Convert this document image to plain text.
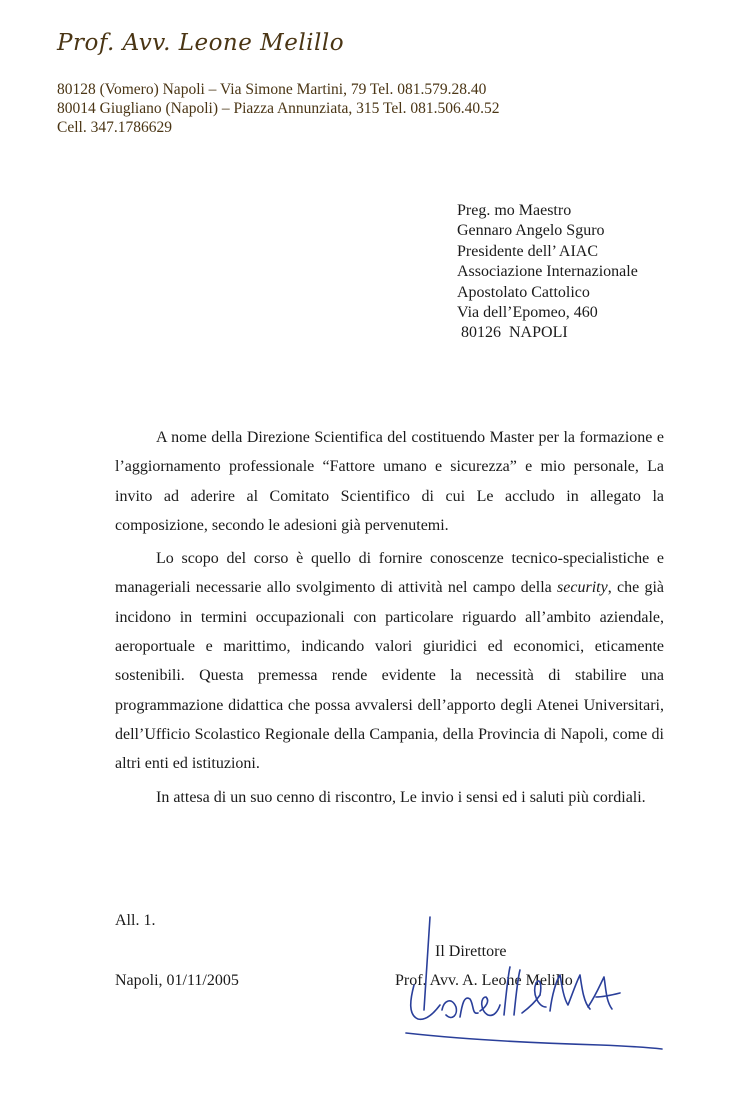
Prof. Avv. Leone Melillo
80128 (Vomero) Napoli – Via Simone Martini, 79 Tel. 081.579.28.40
80014 Giugliano (Napoli) – Piazza Annunziata, 315 Tel. 081.506.40.52
Cell. 347.1786629
Preg. mo Maestro
Gennaro Angelo Sguro
Presidente dell’ AIAC
Associazione Internazionale
Apostolato Cattolico
Via dell’Epomeo, 460
80126  NAPOLI

A nome della Direzione Scientifica del costituendo Master per la formazione e l’aggiornamento professionale “Fattore umano e sicurezza” e mio personale, La invito ad aderire al Comitato Scientifico di cui Le accludo in allegato la composizione, secondo le adesioni già pervenutemi.

Lo scopo del corso è quello di fornire conoscenze tecnico-specialistiche e manageriali necessarie allo svolgimento di attività nel campo della security, che già incidono in termini occupazionali con particolare riguardo all’ambito aziendale, aeroportuale e marittimo, indicando valori giuridici ed economici, eticamente sostenibili. Questa premessa rende evidente la necessità di stabilire una programmazione didattica che possa avvalersi dell’apporto degli Atenei Universitari, dell’Ufficio Scolastico Regionale della Campania, della Provincia di Napoli, come di altri enti ed istituzioni.

In attesa di un suo cenno di riscontro, Le invio i sensi ed i saluti più cordiali.

All. 1.
Il Direttore
Napoli, 01/11/2005	Prof. Avv. A. Leone Melillo
